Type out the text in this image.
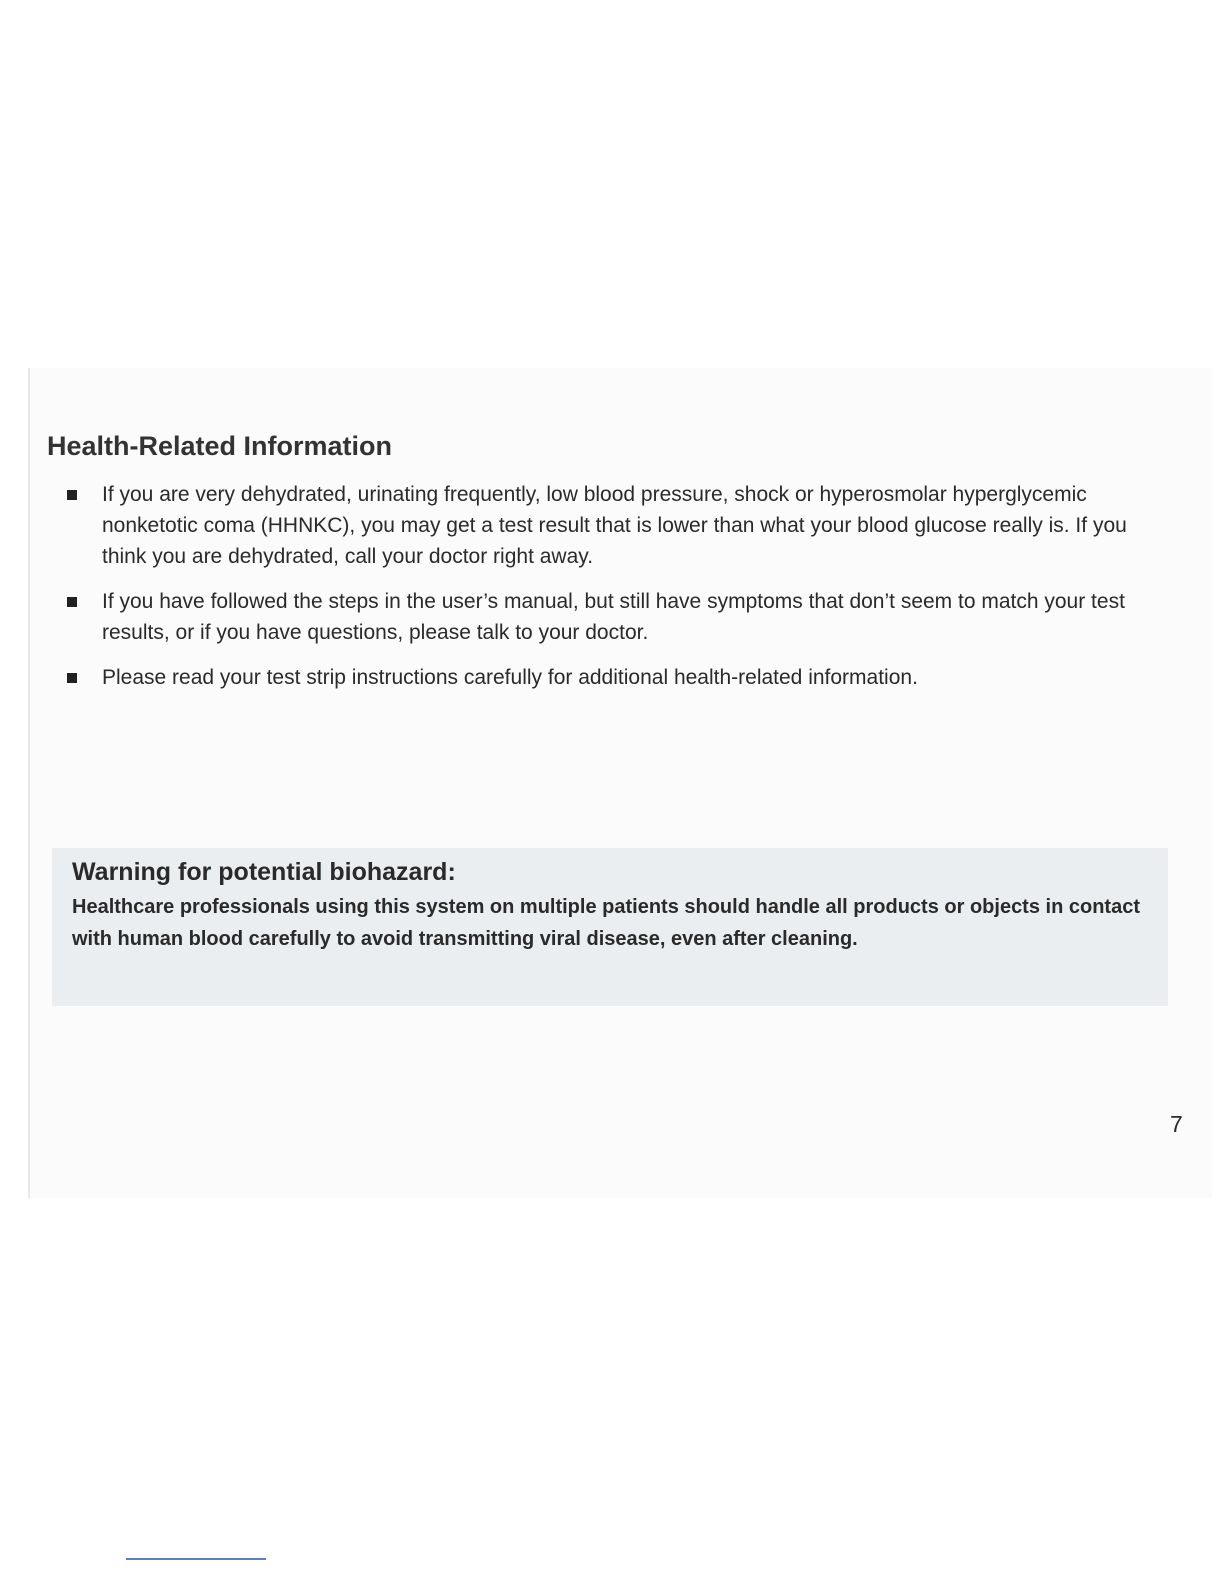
Health-Related Information
If you are very dehydrated, urinating frequently, low blood pressure, shock or hyperosmolar hyperglycemic nonketotic coma (HHNKC), you may get a test result that is lower than what your blood glucose really is. If you think you are dehydrated, call your doctor right away.
If you have followed the steps in the user’s manual, but still have symptoms that don’t seem to match your test results, or if you have questions, please talk to your doctor.
Please read your test strip instructions carefully for additional health-related information.
Warning for potential biohazard:

Healthcare professionals using this system on multiple patients should handle all products or objects in contact with human blood carefully to avoid transmitting viral disease, even after cleaning.

7
